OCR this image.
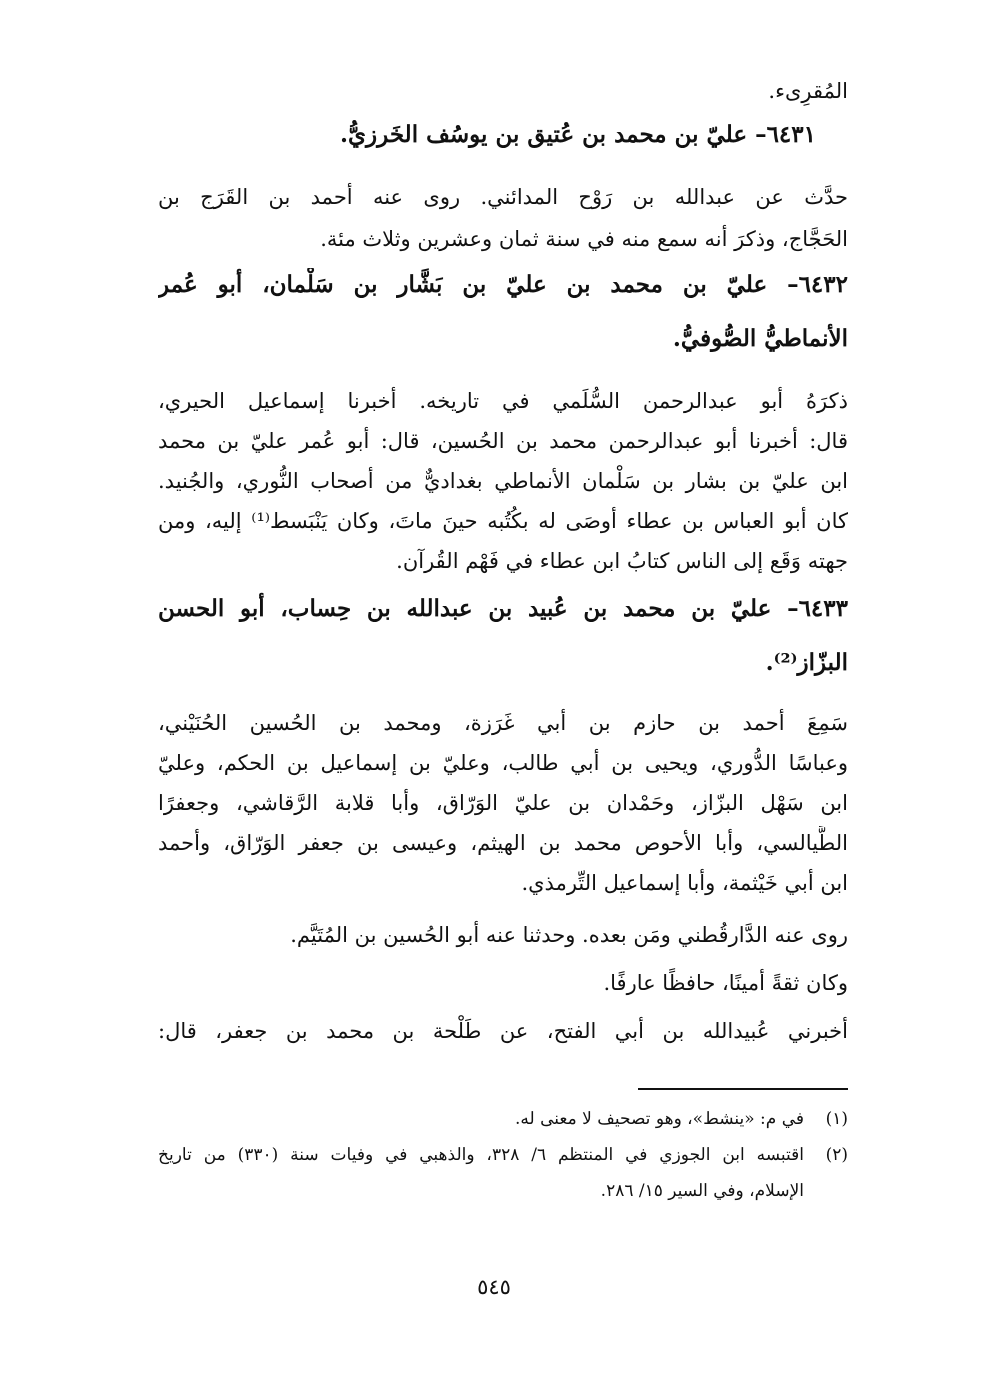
المُقرِىء.
٦٤٣١– عليّ بن محمد بن عُتيق بن يوسُف الخَرزيُّ.
حدَّث عن عبدالله بن رَوْح المدائني. روى عنه أحمد بن القَرَج بن
الحَجَّاج، وذكرَ أنه سمع منه في سنة ثمان وعشرين وثلاث مئة.
٦٤٣٢– عليّ بن محمد بن عليّ بن بَشَّار بن سَلْمان، أبو عُمر
الأنماطيُّ الصُّوفيُّ.
ذكرَهُ أبو عبدالرحمن السُّلَمي في تاريخه. أخبرنا إسماعيل الحيري،
قال: أخبرنا أبو عبدالرحمن محمد بن الحُسين، قال: أبو عُمر عليّ بن محمد
ابن عليّ بن بشار بن سَلْمان الأنماطي بغداديٌّ من أصحاب النُّوري، والجُنيد.
كان أبو العباس بن عطاء أوصَى له بكُتُبه حينَ ماتَ، وكان يَنْبَسط⁽¹⁾ إليه، ومن
جهته وَقَع إلى الناس كتابُ ابن عطاء في فَهْم القُرآن.
٦٤٣٣– عليّ بن محمد بن عُبيد بن عبدالله بن حِساب، أبو الحسن
البزّاز⁽²⁾.
سَمِعَ أحمد بن حازم بن أبي غَرَزة، ومحمد بن الحُسين الحُنَيْني،
وعباسًا الدُّوري، ويحيى بن أبي طالب، وعليّ بن إسماعيل بن الحكم، وعليّ
ابن سَهْل البزّاز، وحَمْدان بن عليّ الوَرّاق، وأبا قلابة الرَّقاشي، وجعفرًا
الطَّيالسي، وأبا الأحوص محمد بن الهيثم، وعيسى بن جعفر الوَرّاق، وأحمد
ابن أبي خَيْثمة، وأبا إسماعيل التِّرمذي.
روى عنه الدَّارقُطني ومَن بعده. وحدثنا عنه أبو الحُسين بن المُتَيَّم.
وكان ثقةً أمينًا، حافظًا عارفًا.
أخبرني عُبيدالله بن أبي الفتح، عن طَلْحة بن محمد بن جعفر، قال:
(١)
في م: «ينشط»، وهو تصحيف لا معنى له.
(٢)
اقتبسه ابن الجوزي في المنتظم ٦/ ٣٢٨، والذهبي في وفيات سنة (٣٣٠) من تاريخ
الإسلام، وفي السير ١٥/ ٢٨٦.
٥٤٥
